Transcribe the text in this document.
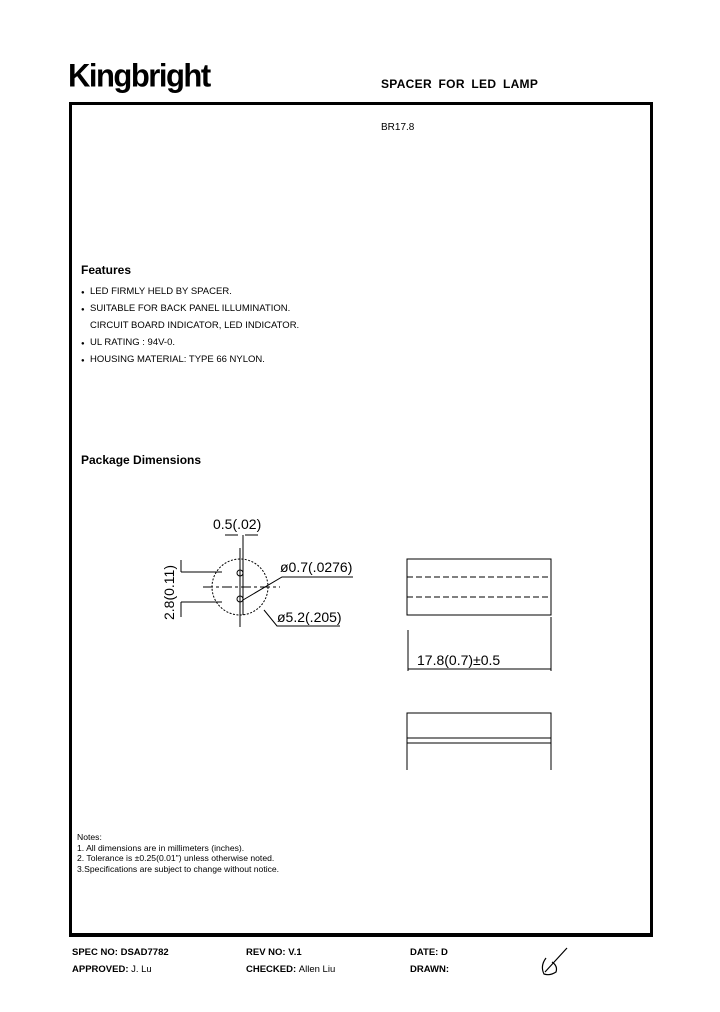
Kingbright	SPACER FOR LED LAMP
BR17.8
Features
● LED FIRMLY HELD BY SPACER.
● SUITABLE FOR BACK PANEL ILLUMINATION.
CIRCUIT BOARD INDICATOR, LED INDICATOR.
● UL RATING : 94V-0.
● HOUSING MATERIAL: TYPE 66 NYLON.
Package Dimensions
0.5(.02)
ø0.7(.0276)
ø5.2(.205)
2.8(0.11)
17.8(0.7)±0.5
Notes:
1. All dimensions are in millimeters (inches).
2. Tolerance is ±0.25(0.01") unless otherwise noted.
3.Specifications are subject to change without notice.
SPEC NO: DSAD7782	REV NO: V.1	DATE: D
APPROVED: J. Lu	CHECKED: Allen Liu	DRAWN:
